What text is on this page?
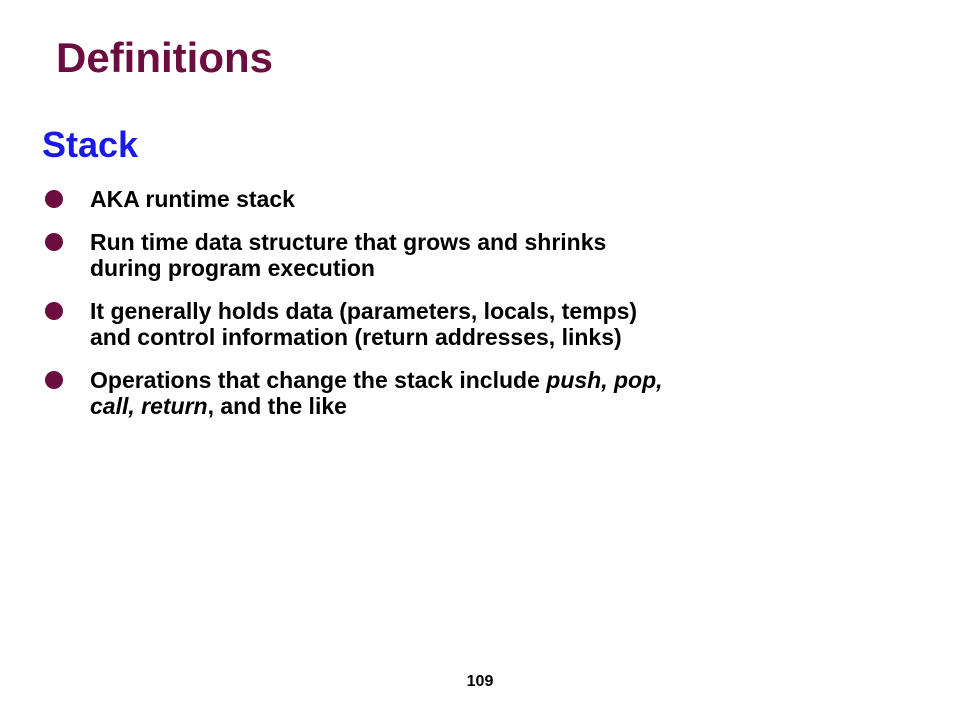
Definitions
Stack
AKA runtime stack
Run time data structure that grows and shrinks
during program execution
It generally holds data (parameters, locals, temps)
and control information (return addresses, links)
Operations that change the stack include push, pop,
call, return, and the like
109
